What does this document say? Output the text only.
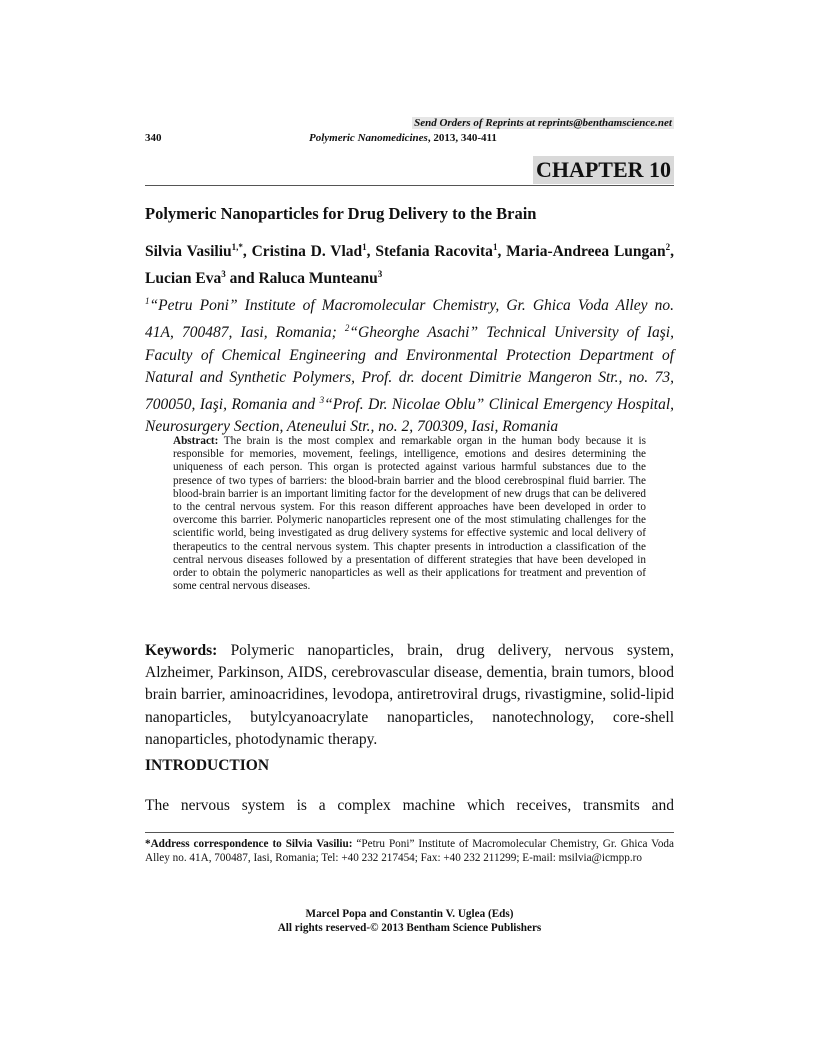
Send Orders of Reprints at reprints@benthamscience.net
340	Polymeric Nanomedicines, 2013, 340-411
CHAPTER 10
Polymeric Nanoparticles for Drug Delivery to the Brain
Silvia Vasiliu$^{1,*}$, Cristina D. Vlad$^1$, Stefania Racovita$^1$, Maria-Andreea Lungan$^2$, Lucian Eva$^3$ and Raluca Munteanu$^3$
$^1$“Petru Poni” Institute of Macromolecular Chemistry, Gr. Ghica Voda Alley no. 41A, 700487, Iasi, Romania; $^2$“Gheorghe Asachi” Technical University of Iaşi, Faculty of Chemical Engineering and Environmental Protection Department of Natural and Synthetic Polymers, Prof. dr. docent Dimitrie Mangeron Str., no. 73, 700050, Iaşi, Romania and $^3$“Prof. Dr. Nicolae Oblu” Clinical Emergency Hospital, Neurosurgery Section, Ateneului Str., no. 2, 700309, Iasi, Romania
Abstract: The brain is the most complex and remarkable organ in the human body because it is responsible for memories, movement, feelings, intelligence, emotions and desires determining the uniqueness of each person. This organ is protected against various harmful substances due to the presence of two types of barriers: the blood-brain barrier and the blood cerebrospinal fluid barrier. The blood-brain barrier is an important limiting factor for the development of new drugs that can be delivered to the central nervous system. For this reason different approaches have been developed in order to overcome this barrier. Polymeric nanoparticles represent one of the most stimulating challenges for the scientific world, being investigated as drug delivery systems for effective systemic and local delivery of therapeutics to the central nervous system. This chapter presents in introduction a classification of the central nervous diseases followed by a presentation of different strategies that have been developed in order to obtain the polymeric nanoparticles as well as their applications for treatment and prevention of some central nervous diseases.
Keywords: Polymeric nanoparticles, brain, drug delivery, nervous system, Alzheimer, Parkinson, AIDS, cerebrovascular disease, dementia, brain tumors, blood brain barrier, aminoacridines, levodopa, antiretroviral drugs, rivastigmine, solid-lipid nanoparticles, butylcyanoacrylate nanoparticles, nanotechnology, core-shell nanoparticles, photodynamic therapy.
INTRODUCTION
The nervous system is a complex machine which receives, transmits and
*Address correspondence to Silvia Vasiliu: “Petru Poni” Institute of Macromolecular Chemistry, Gr. Ghica Voda Alley no. 41A, 700487, Iasi, Romania; Tel: +40 232 217454; Fax: +40 232 211299; E-mail: msilvia@icmpp.ro
Marcel Popa and Constantin V. Uglea (Eds)
All rights reserved-© 2013 Bentham Science Publishers
